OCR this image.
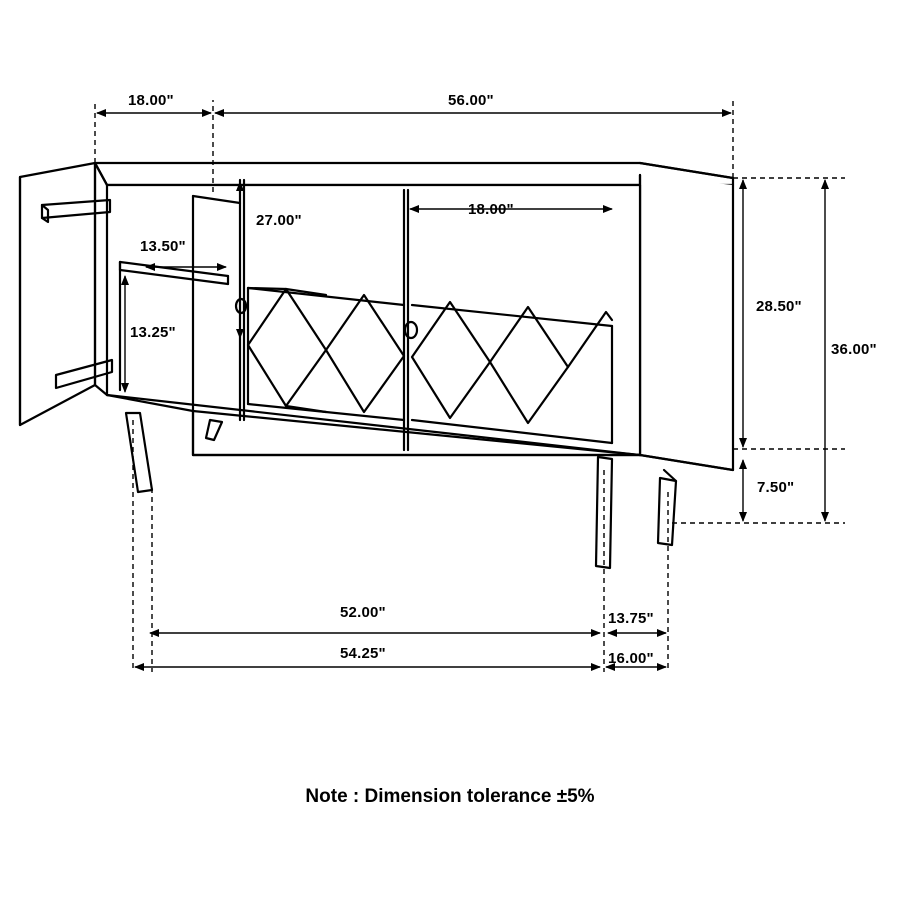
18.00"	56.00"
27.00"
18.00"
13.50"
13.25"
28.50"
36.00"
7.50"
52.00"
54.25"
13.75"
16.00"
Note : Dimension tolerance ±5%
